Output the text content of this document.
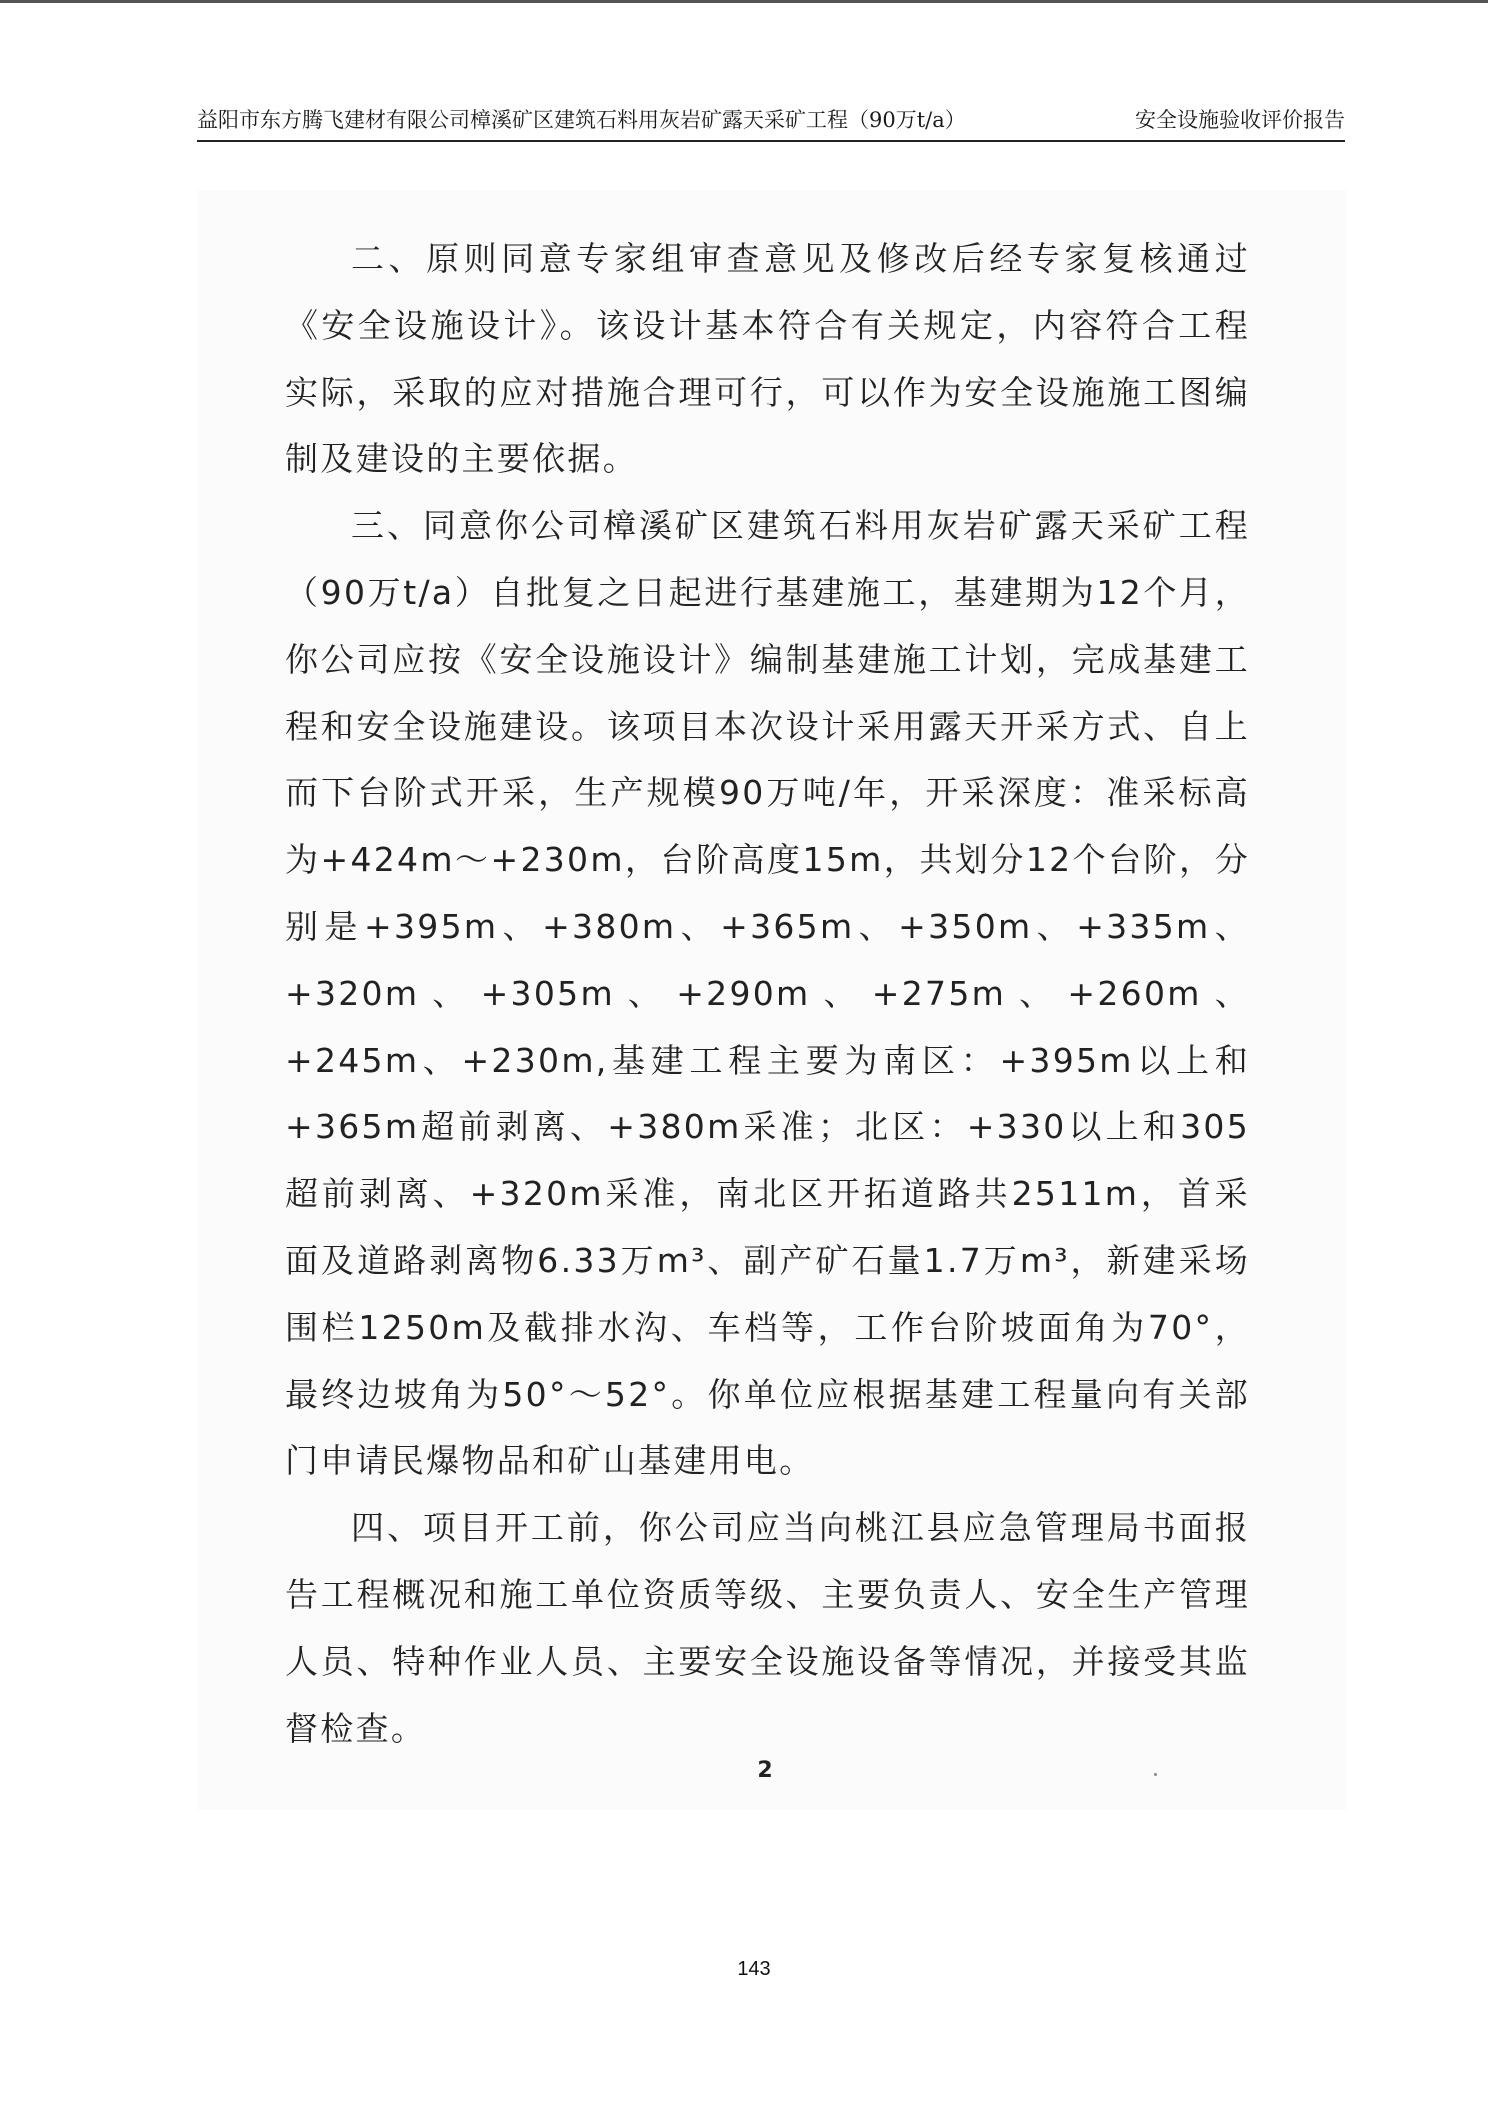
益阳市东方腾飞建材有限公司樟溪矿区建筑石料用灰岩矿露天采矿工程（90万t/a）	安全设施验收评价报告

二、原则同意专家组审查意见及修改后经专家复核通过《安全设施设计》。该设计基本符合有关规定，内容符合工程实际，采取的应对措施合理可行，可以作为安全设施施工图编制及建设的主要依据。

三、同意你公司樟溪矿区建筑石料用灰岩矿露天采矿工程（90万t/a）自批复之日起进行基建施工，基建期为12个月，你公司应按《安全设施设计》编制基建施工计划，完成基建工程和安全设施建设。该项目本次设计采用露天开采方式、自上而下台阶式开采，生产规模90万吨/年，开采深度：准采标高为+424m～+230m，台阶高度15m，共划分12个台阶，分别是+395m、+380m、+365m、+350m、+335m、+320m、+305m、+290m、+275m、+260m、+245m、+230m,基建工程主要为南区：+395m以上和+365m超前剥离、+380m采准；北区：+330以上和305超前剥离、+320m采准，南北区开拓道路共2511m，首采面及道路剥离物6.33万m³、副产矿石量1.7万m³，新建采场围栏1250m及截排水沟、车档等，工作台阶坡面角为70°，最终边坡角为50°～52°。你单位应根据基建工程量向有关部门申请民爆物品和矿山基建用电。

四、项目开工前，你公司应当向桃江县应急管理局书面报告工程概况和施工单位资质等级、主要负责人、安全生产管理人员、特种作业人员、主要安全设施设备等情况，并接受其监督检查。

2
143
